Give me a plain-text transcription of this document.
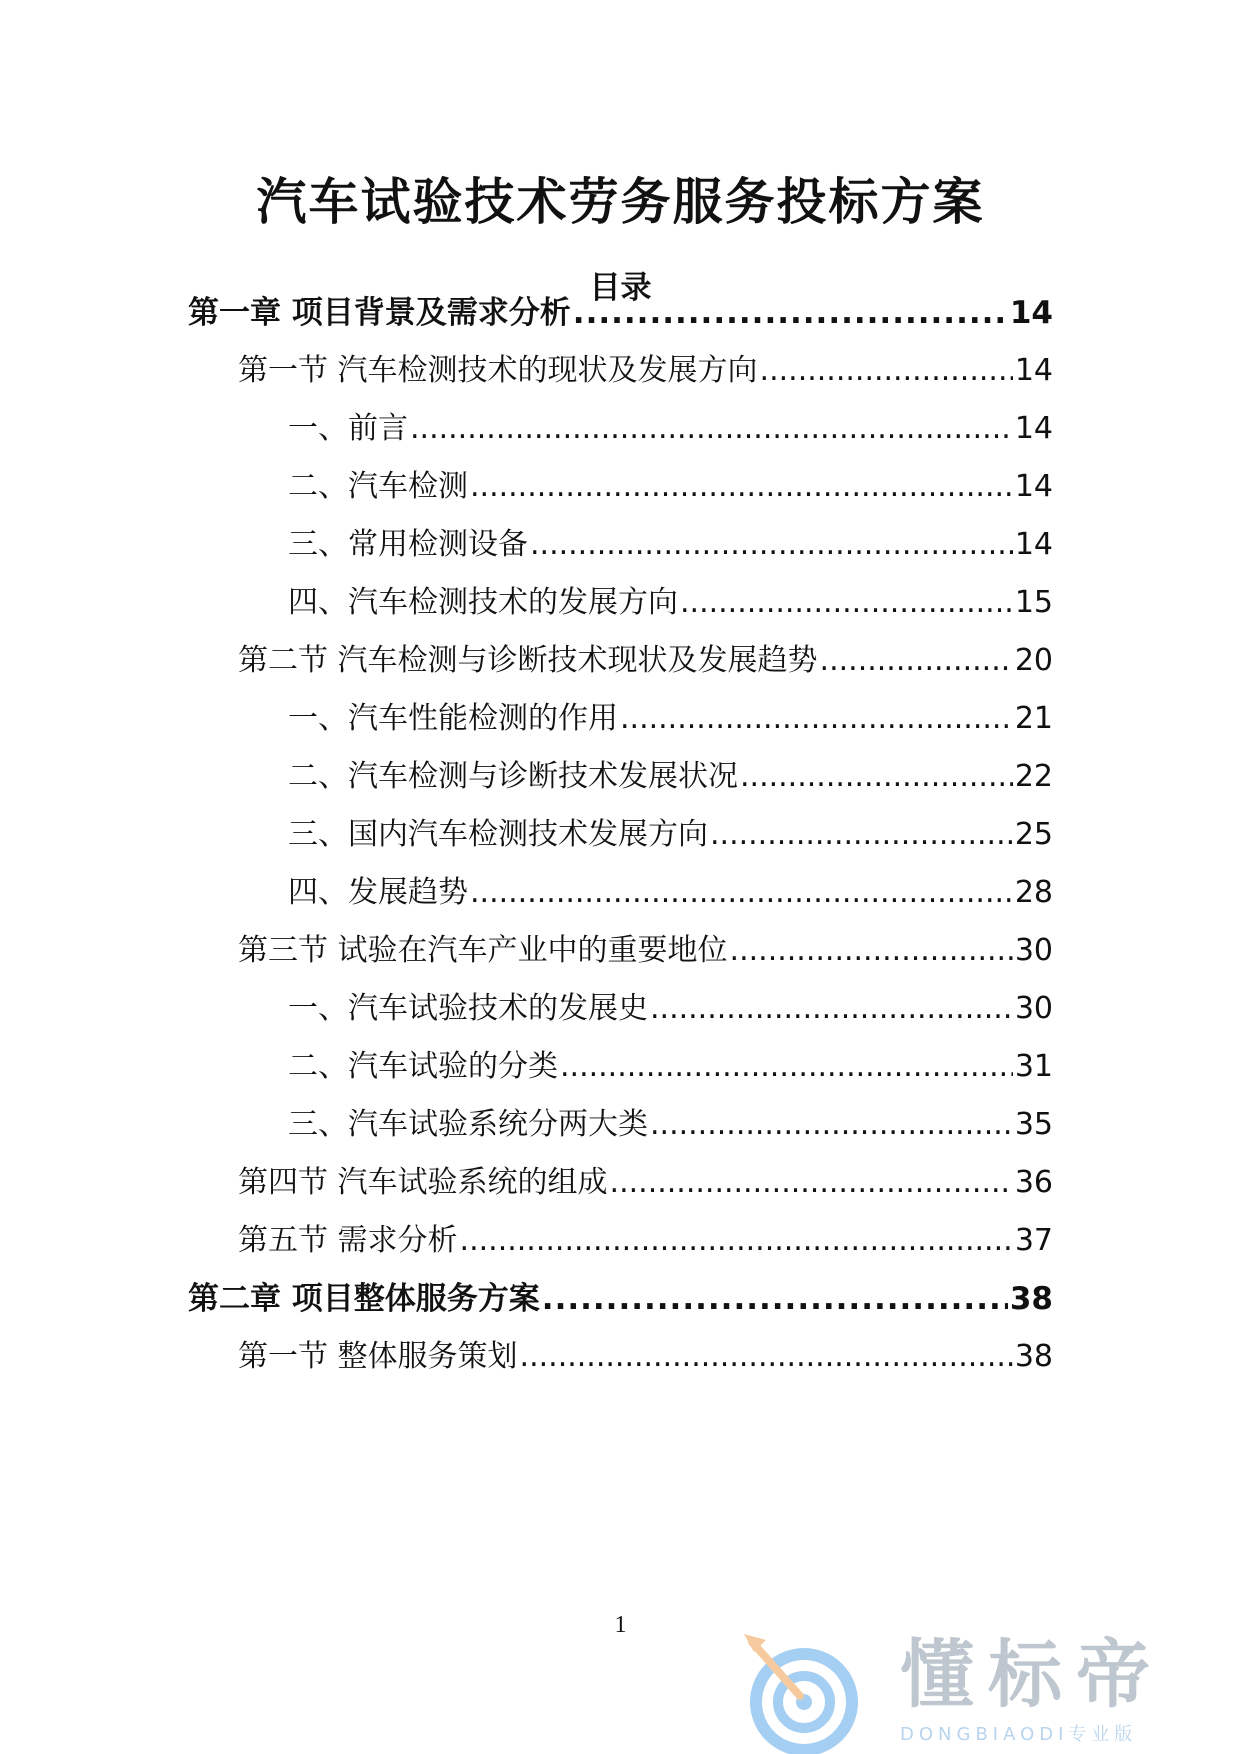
汽车试验技术劳务服务投标方案
目录
第一章 项目背景及需求分析 .....	14
第一节 汽车检测技术的现状及发展方向 .....	14
一、前言 .....	14
二、汽车检测 .....	14
三、常用检测设备 .....	14
四、汽车检测技术的发展方向 .....	15
第二节 汽车检测与诊断技术现状及发展趋势 .....	20
一、汽车性能检测的作用 .....	21
二、汽车检测与诊断技术发展状况 .....	22
三、国内汽车检测技术发展方向 .....	25
四、发展趋势 .....	28
第三节 试验在汽车产业中的重要地位 .....	30
一、汽车试验技术的发展史 .....	30
二、汽车试验的分类 .....	31
三、汽车试验系统分两大类 .....	35
第四节 汽车试验系统的组成 .....	36
第五节 需求分析 .....	37
第二章 项目整体服务方案 .....	38
第一节 整体服务策划 .....	38
1
懂标帝
DONGBIAODI专业版
